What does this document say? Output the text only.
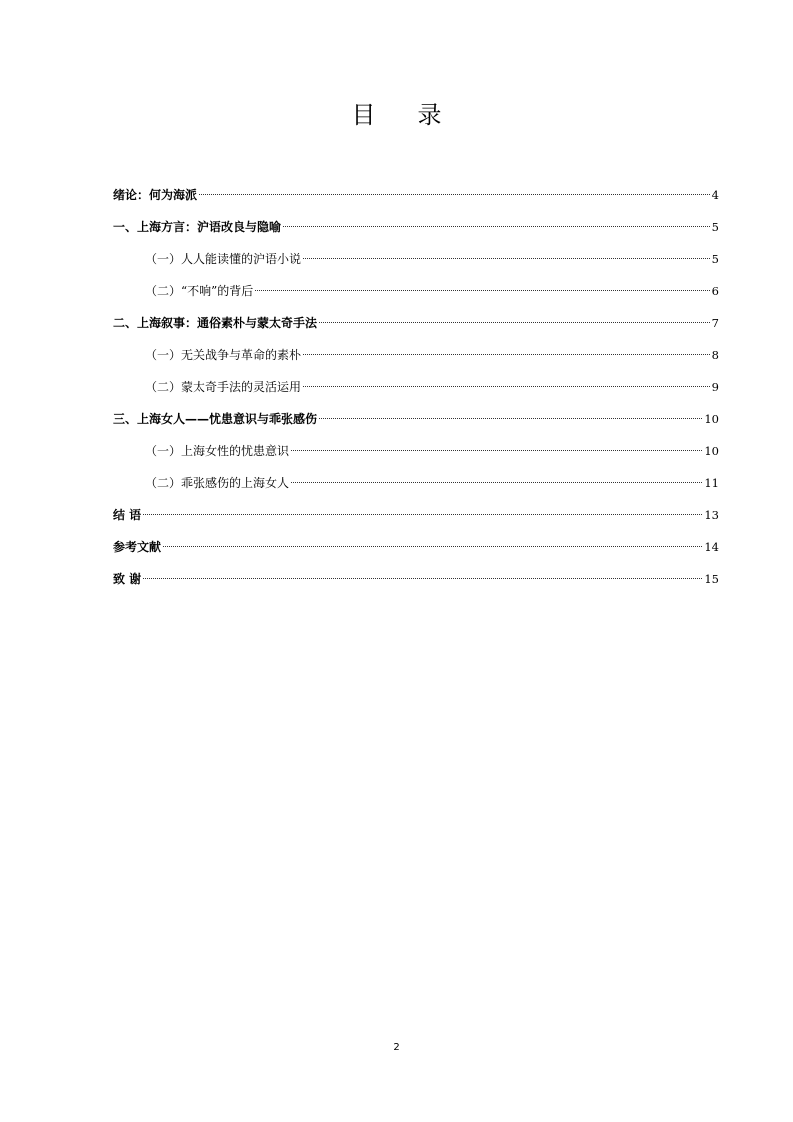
目录
绪论：何为海派	4
一、上海方言：沪语改良与隐喻	5
（一）人人能读懂的沪语小说	5
（二）“不响”的背后	6
二、上海叙事：通俗素朴与蒙太奇手法	7
（一）无关战争与革命的素朴	8
（二）蒙太奇手法的灵活运用	9
三、上海女人——忧患意识与乖张感伤	10
（一）上海女性的忧患意识	10
（二）乖张感伤的上海女人	11
结 语	13
参考文献	14
致 谢	15
2
